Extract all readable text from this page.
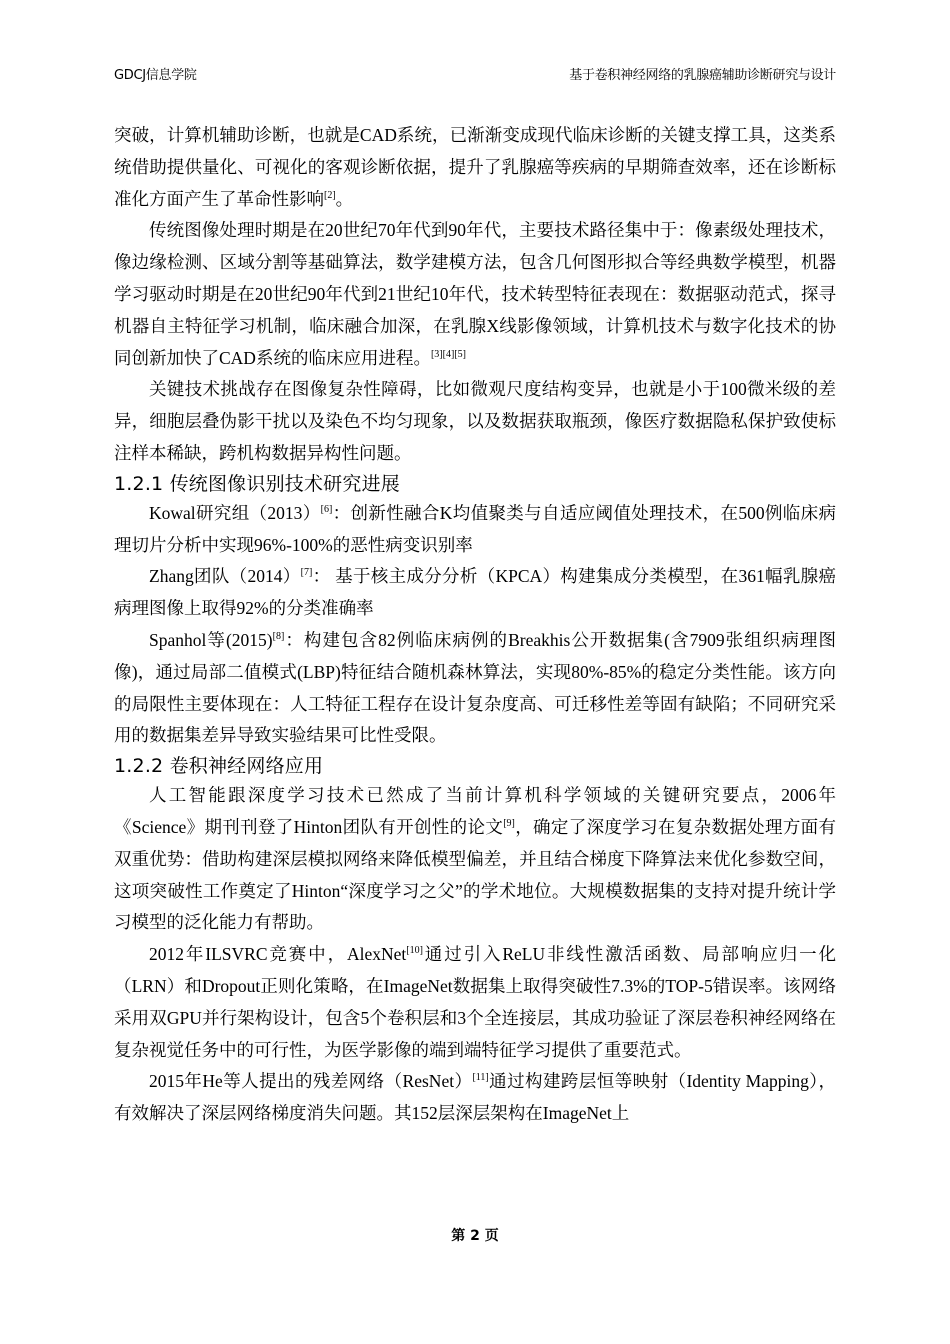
GDCJ信息学院	基于卷积神经网络的乳腺癌辅助诊断研究与设计

突破，计算机辅助诊断，也就是CAD系统，已渐渐变成现代临床诊断的关键支撑工具，这类系统借助提供量化、可视化的客观诊断依据，提升了乳腺癌等疾病的早期筛查效率，还在诊断标准化方面产生了革命性影响[2]。

传统图像处理时期是在20世纪70年代到90年代，主要技术路径集中于：像素级处理技术，像边缘检测、区域分割等基础算法，数学建模方法，包含几何图形拟合等经典数学模型，机器学习驱动时期是在20世纪90年代到21世纪10年代，技术转型特征表现在：数据驱动范式，探寻机器自主特征学习机制，临床融合加深，在乳腺X线影像领域，计算机技术与数字化技术的协同创新加快了CAD系统的临床应用进程。[3][4][5]

关键技术挑战存在图像复杂性障碍，比如微观尺度结构变异，也就是小于100微米级的差异，细胞层叠伪影干扰以及染色不均匀现象，以及数据获取瓶颈，像医疗数据隐私保护致使标注样本稀缺，跨机构数据异构性问题。

1.2.1 传统图像识别技术研究进展

Kowal研究组（2013）[6]：创新性融合K均值聚类与自适应阈值处理技术，在500例临床病理切片分析中实现96%-100%的恶性病变识别率

Zhang团队（2014）[7]： 基于核主成分分析（KPCA）构建集成分类模型，在361幅乳腺癌病理图像上取得92%的分类准确率

Spanhol等(2015)[8]：构建包含82例临床病例的Breakhis公开数据集(含7909张组织病理图像)，通过局部二值模式(LBP)特征结合随机森林算法，实现80%-85%的稳定分类性能。该方向的局限性主要体现在：人工特征工程存在设计复杂度高、可迁移性差等固有缺陷；不同研究采用的数据集差异导致实验结果可比性受限。

1.2.2 卷积神经网络应用

人工智能跟深度学习技术已然成了当前计算机科学领域的关键研究要点，2006年《Science》期刊刊登了Hinton团队有开创性的论文[9]，确定了深度学习在复杂数据处理方面有双重优势：借助构建深层模拟网络来降低模型偏差，并且结合梯度下降算法来优化参数空间，这项突破性工作奠定了Hinton“深度学习之父”的学术地位。大规模数据集的支持对提升统计学习模型的泛化能力有帮助。

2012年ILSVRC竞赛中，AlexNet[10]通过引入ReLU非线性激活函数、局部响应归一化（LRN）和Dropout正则化策略，在ImageNet数据集上取得突破性7.3%的TOP-5错误率。该网络采用双GPU并行架构设计，包含5个卷积层和3个全连接层，其成功验证了深层卷积神经网络在复杂视觉任务中的可行性，为医学影像的端到端特征学习提供了重要范式。

2015年He等人提出的残差网络（ResNet）[11]通过构建跨层恒等映射（Identity Mapping），有效解决了深层网络梯度消失问题。其152层深层架构在ImageNet上

第 2 页
